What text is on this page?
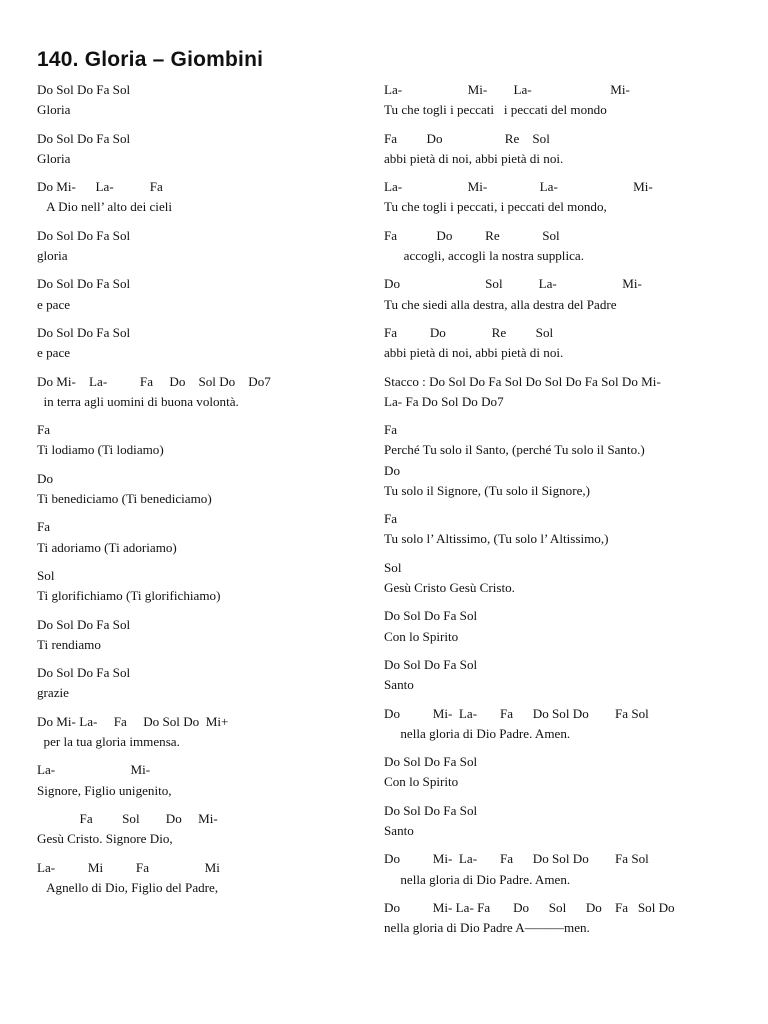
140. Gloria – Giombini
Do Sol Do Fa Sol
Gloria
Do Sol Do Fa Sol
Gloria
Do Mi-      La-           Fa
A Dio nell’ alto dei cieli
Do Sol Do Fa Sol
gloria
Do Sol Do Fa Sol
e pace
Do Sol Do Fa Sol
e pace
Do Mi-    La-          Fa     Do    Sol Do    Do7
in terra agli uomini di buona volontà.
Fa
Ti lodiamo (Ti lodiamo)
Do
Ti benediciamo (Ti benediciamo)
Fa
Ti adoriamo (Ti adoriamo)
Sol
Ti glorifichiamo (Ti glorifichiamo)
Do Sol Do Fa Sol
Ti rendiamo
Do Sol Do Fa Sol
grazie
Do Mi- La-     Fa     Do Sol Do  Mi+
per la tua gloria immensa.
La-                       Mi-
Signore, Figlio unigenito,
Fa         Sol        Do     Mi-
Gesù Cristo. Signore Dio,
La-          Mi          Fa                 Mi
Agnello di Dio, Figlio del Padre,
La-                    Mi-        La-                        Mi-
Tu che togli i peccati   i peccati del mondo
Fa         Do                   Re    Sol
abbi pietà di noi, abbi pietà di noi.
La-                    Mi-                La-                       Mi-
Tu che togli i peccati, i peccati del mondo,
Fa            Do          Re             Sol
accogli, accogli la nostra supplica.
Do                          Sol           La-                    Mi-
Tu che siedi alla destra, alla destra del Padre
Fa          Do              Re         Sol
abbi pietà di noi, abbi pietà di noi.
Stacco : Do Sol Do Fa Sol Do Sol Do Fa Sol Do Mi-
La- Fa Do Sol Do Do7
Fa
Perché Tu solo il Santo, (perché Tu solo il Santo.)
Do
Tu solo il Signore, (Tu solo il Signore,)
Fa
Tu solo l’ Altissimo, (Tu solo l’ Altissimo,)
Sol
Gesù Cristo Gesù Cristo.
Do Sol Do Fa Sol
Con lo Spirito
Do Sol Do Fa Sol
Santo
Do          Mi-  La-       Fa      Do Sol Do        Fa Sol
nella gloria di Dio Padre. Amen.
Do Sol Do Fa Sol
Con lo Spirito
Do Sol Do Fa Sol
Santo
Do          Mi-  La-       Fa      Do Sol Do        Fa Sol
nella gloria di Dio Padre. Amen.
Do          Mi- La- Fa       Do      Sol      Do    Fa   Sol Do
nella gloria di Dio Padre A———men.
